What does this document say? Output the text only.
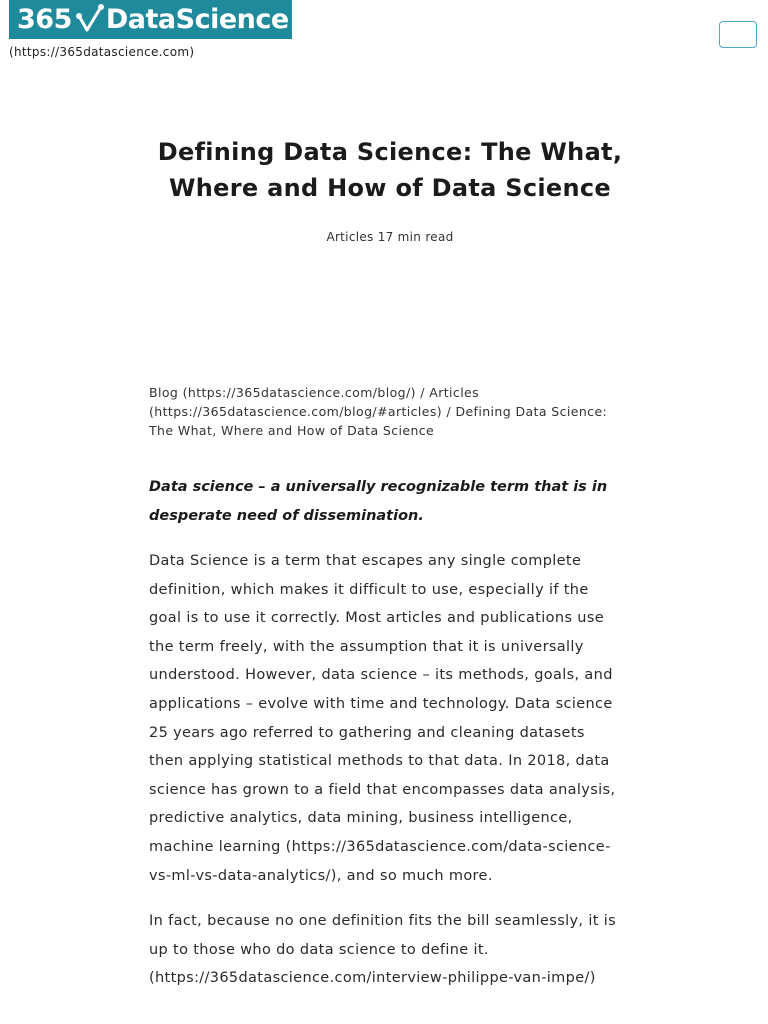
365 DataScience
(https://365datascience.com)
Defining Data Science: The What, Where and How of Data Science
Articles 17 min read
Blog (https://365datascience.com/blog/) / Articles (https://365datascience.com/blog/#articles) / Defining Data Science: The What, Where and How of Data Science
Data science – a universally recognizable term that is in desperate need of dissemination.

Data Science is a term that escapes any single complete definition, which makes it difficult to use, especially if the goal is to use it correctly. Most articles and publications use the term freely, with the assumption that it is universally understood. However, data science – its methods, goals, and applications – evolve with time and technology. Data science 25 years ago referred to gathering and cleaning datasets then applying statistical methods to that data. In 2018, data science has grown to a field that encompasses data analysis, predictive analytics, data mining, business intelligence, machine learning (https://365datascience.com/data-science-vs-ml-vs-data-analytics/), and so much more.

In fact, because no one definition fits the bill seamlessly, it is up to those who do data science to define it. (https://365datascience.com/interview-philippe-van-impe/)
